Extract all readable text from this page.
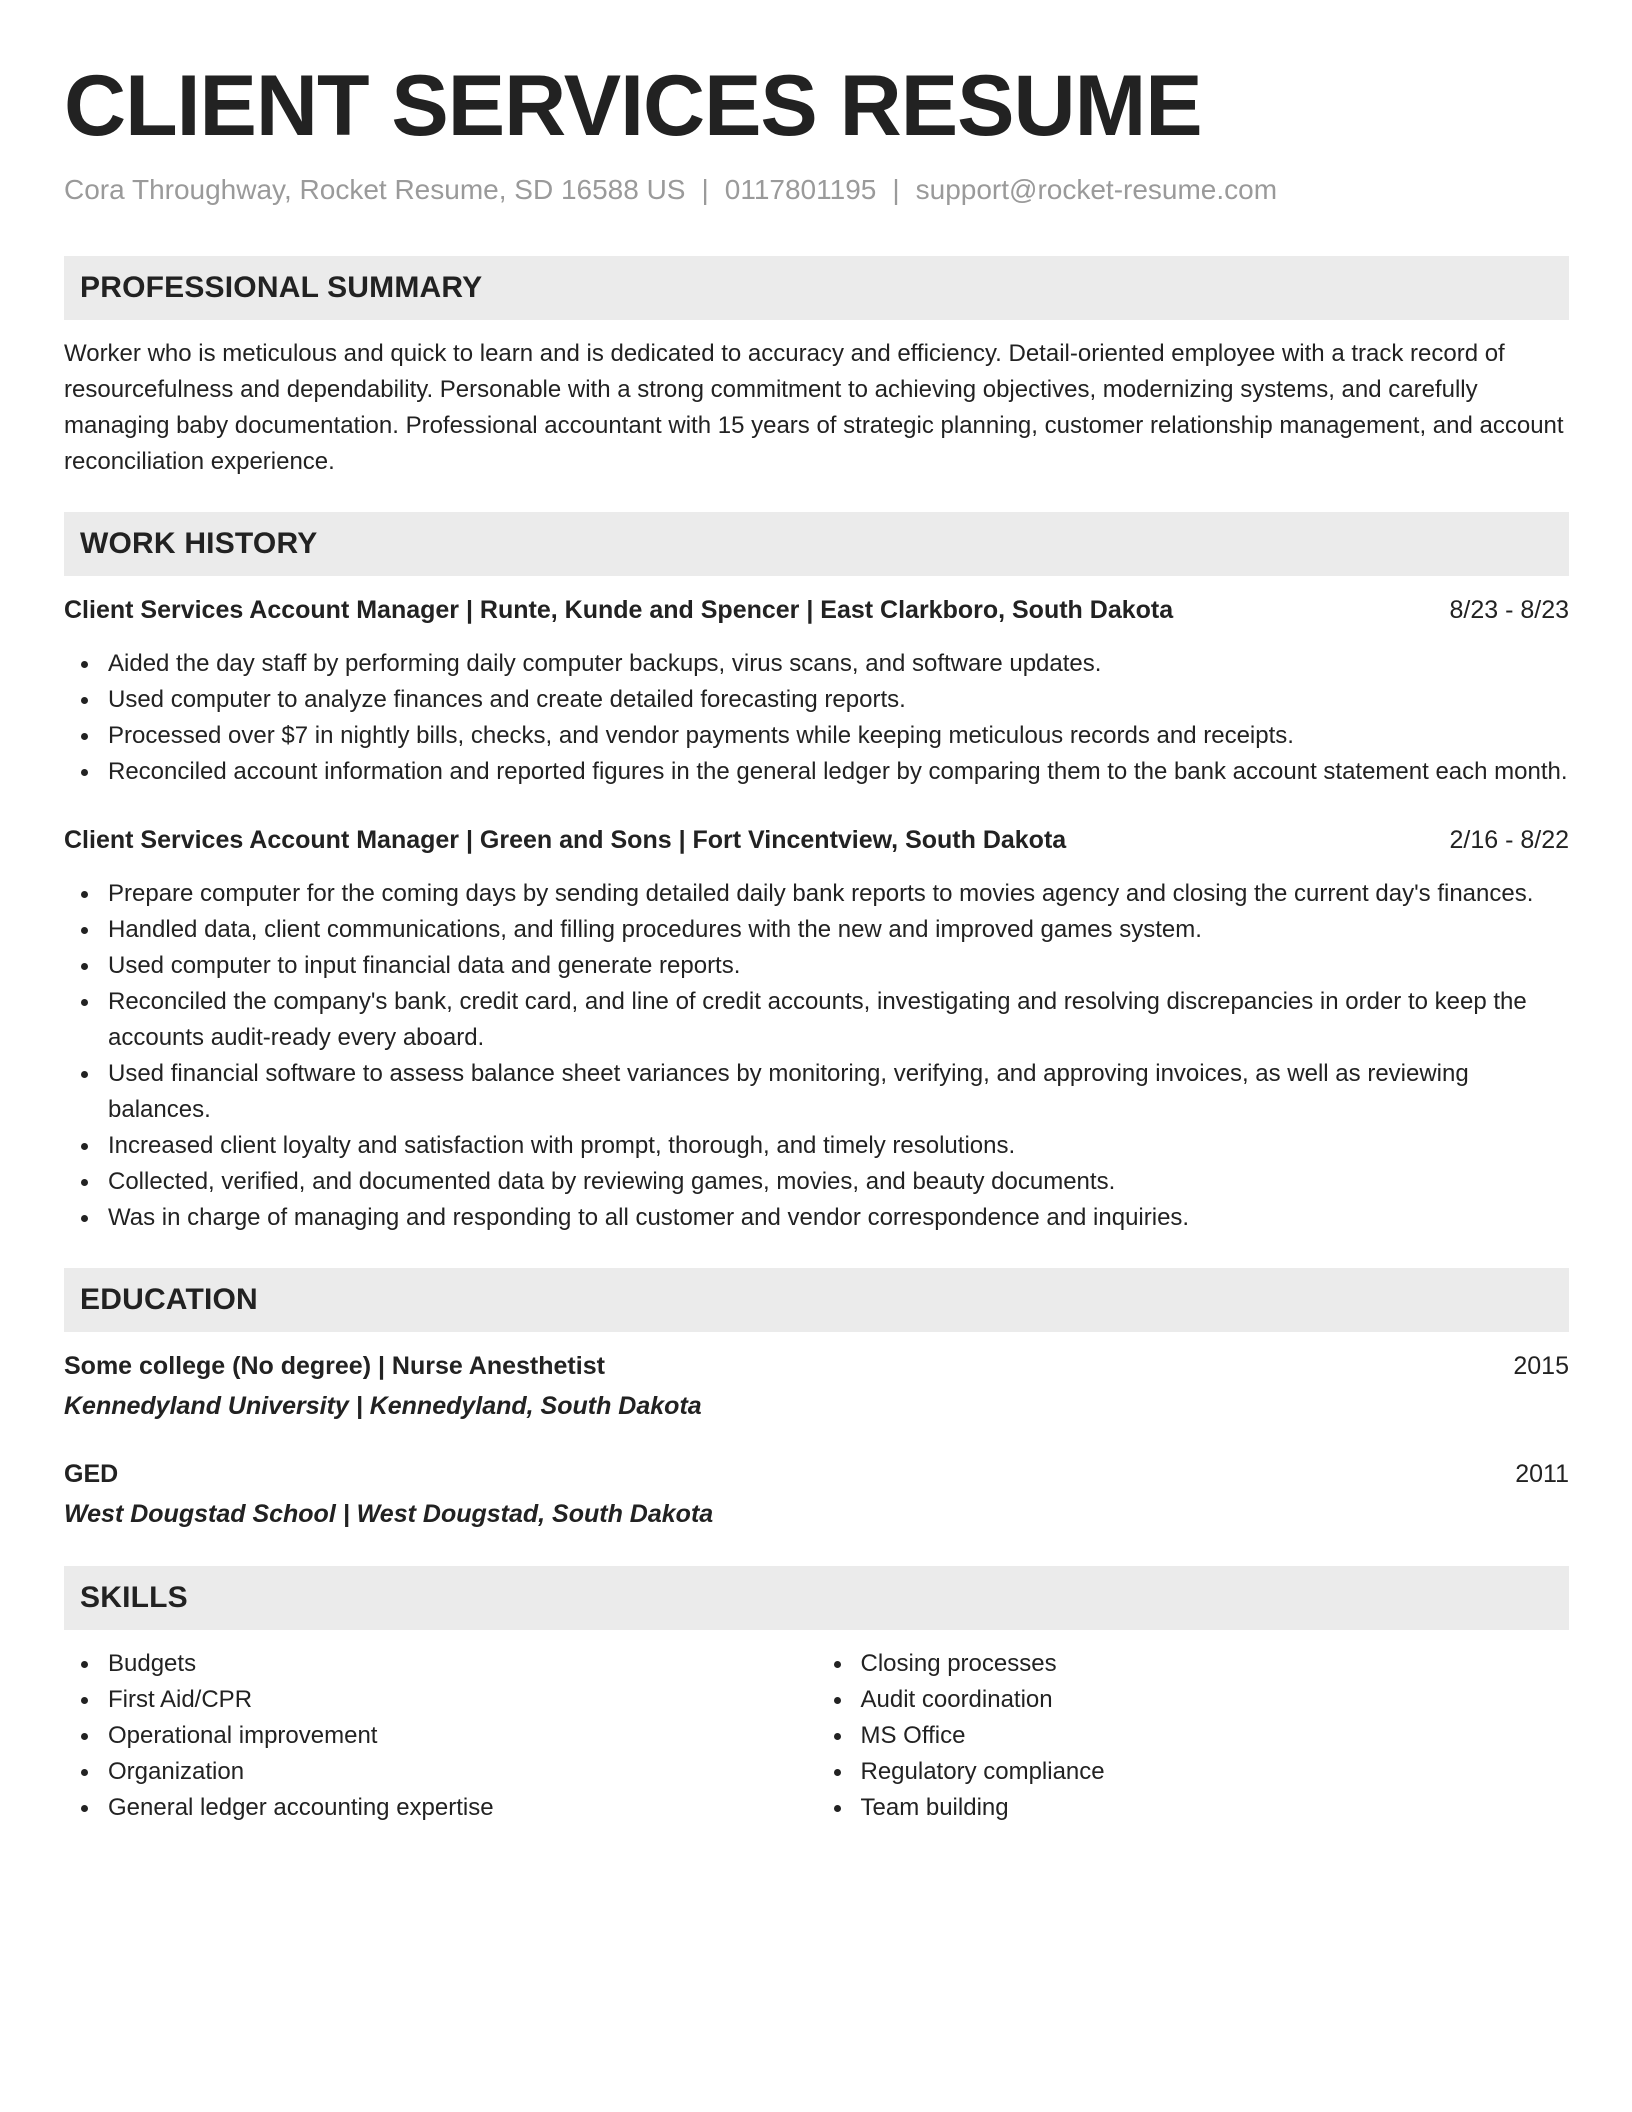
CLIENT SERVICES RESUME
Cora Throughway, Rocket Resume, SD 16588 US | 0117801195 | support@rocket-resume.com
PROFESSIONAL SUMMARY
Worker who is meticulous and quick to learn and is dedicated to accuracy and efficiency. Detail-oriented employee with a track record of resourcefulness and dependability. Personable with a strong commitment to achieving objectives, modernizing systems, and carefully managing baby documentation. Professional accountant with 15 years of strategic planning, customer relationship management, and account reconciliation experience.
WORK HISTORY
Client Services Account Manager | Runte, Kunde and Spencer | East Clarkboro, South Dakota	8/23 - 8/23
Aided the day staff by performing daily computer backups, virus scans, and software updates.
Used computer to analyze finances and create detailed forecasting reports.
Processed over $7 in nightly bills, checks, and vendor payments while keeping meticulous records and receipts.
Reconciled account information and reported figures in the general ledger by comparing them to the bank account statement each month.
Client Services Account Manager | Green and Sons | Fort Vincentview, South Dakota	2/16 - 8/22
Prepare computer for the coming days by sending detailed daily bank reports to movies agency and closing the current day's finances.
Handled data, client communications, and filling procedures with the new and improved games system.
Used computer to input financial data and generate reports.
Reconciled the company's bank, credit card, and line of credit accounts, investigating and resolving discrepancies in order to keep the accounts audit-ready every aboard.
Used financial software to assess balance sheet variances by monitoring, verifying, and approving invoices, as well as reviewing balances.
Increased client loyalty and satisfaction with prompt, thorough, and timely resolutions.
Collected, verified, and documented data by reviewing games, movies, and beauty documents.
Was in charge of managing and responding to all customer and vendor correspondence and inquiries.
EDUCATION
Some college (No degree) | Nurse Anesthetist	2015
Kennedyland University | Kennedyland, South Dakota
GED	2011
West Dougstad School | West Dougstad, South Dakota
SKILLS
Budgets
First Aid/CPR
Operational improvement
Organization
General ledger accounting expertise
Closing processes
Audit coordination
MS Office
Regulatory compliance
Team building
